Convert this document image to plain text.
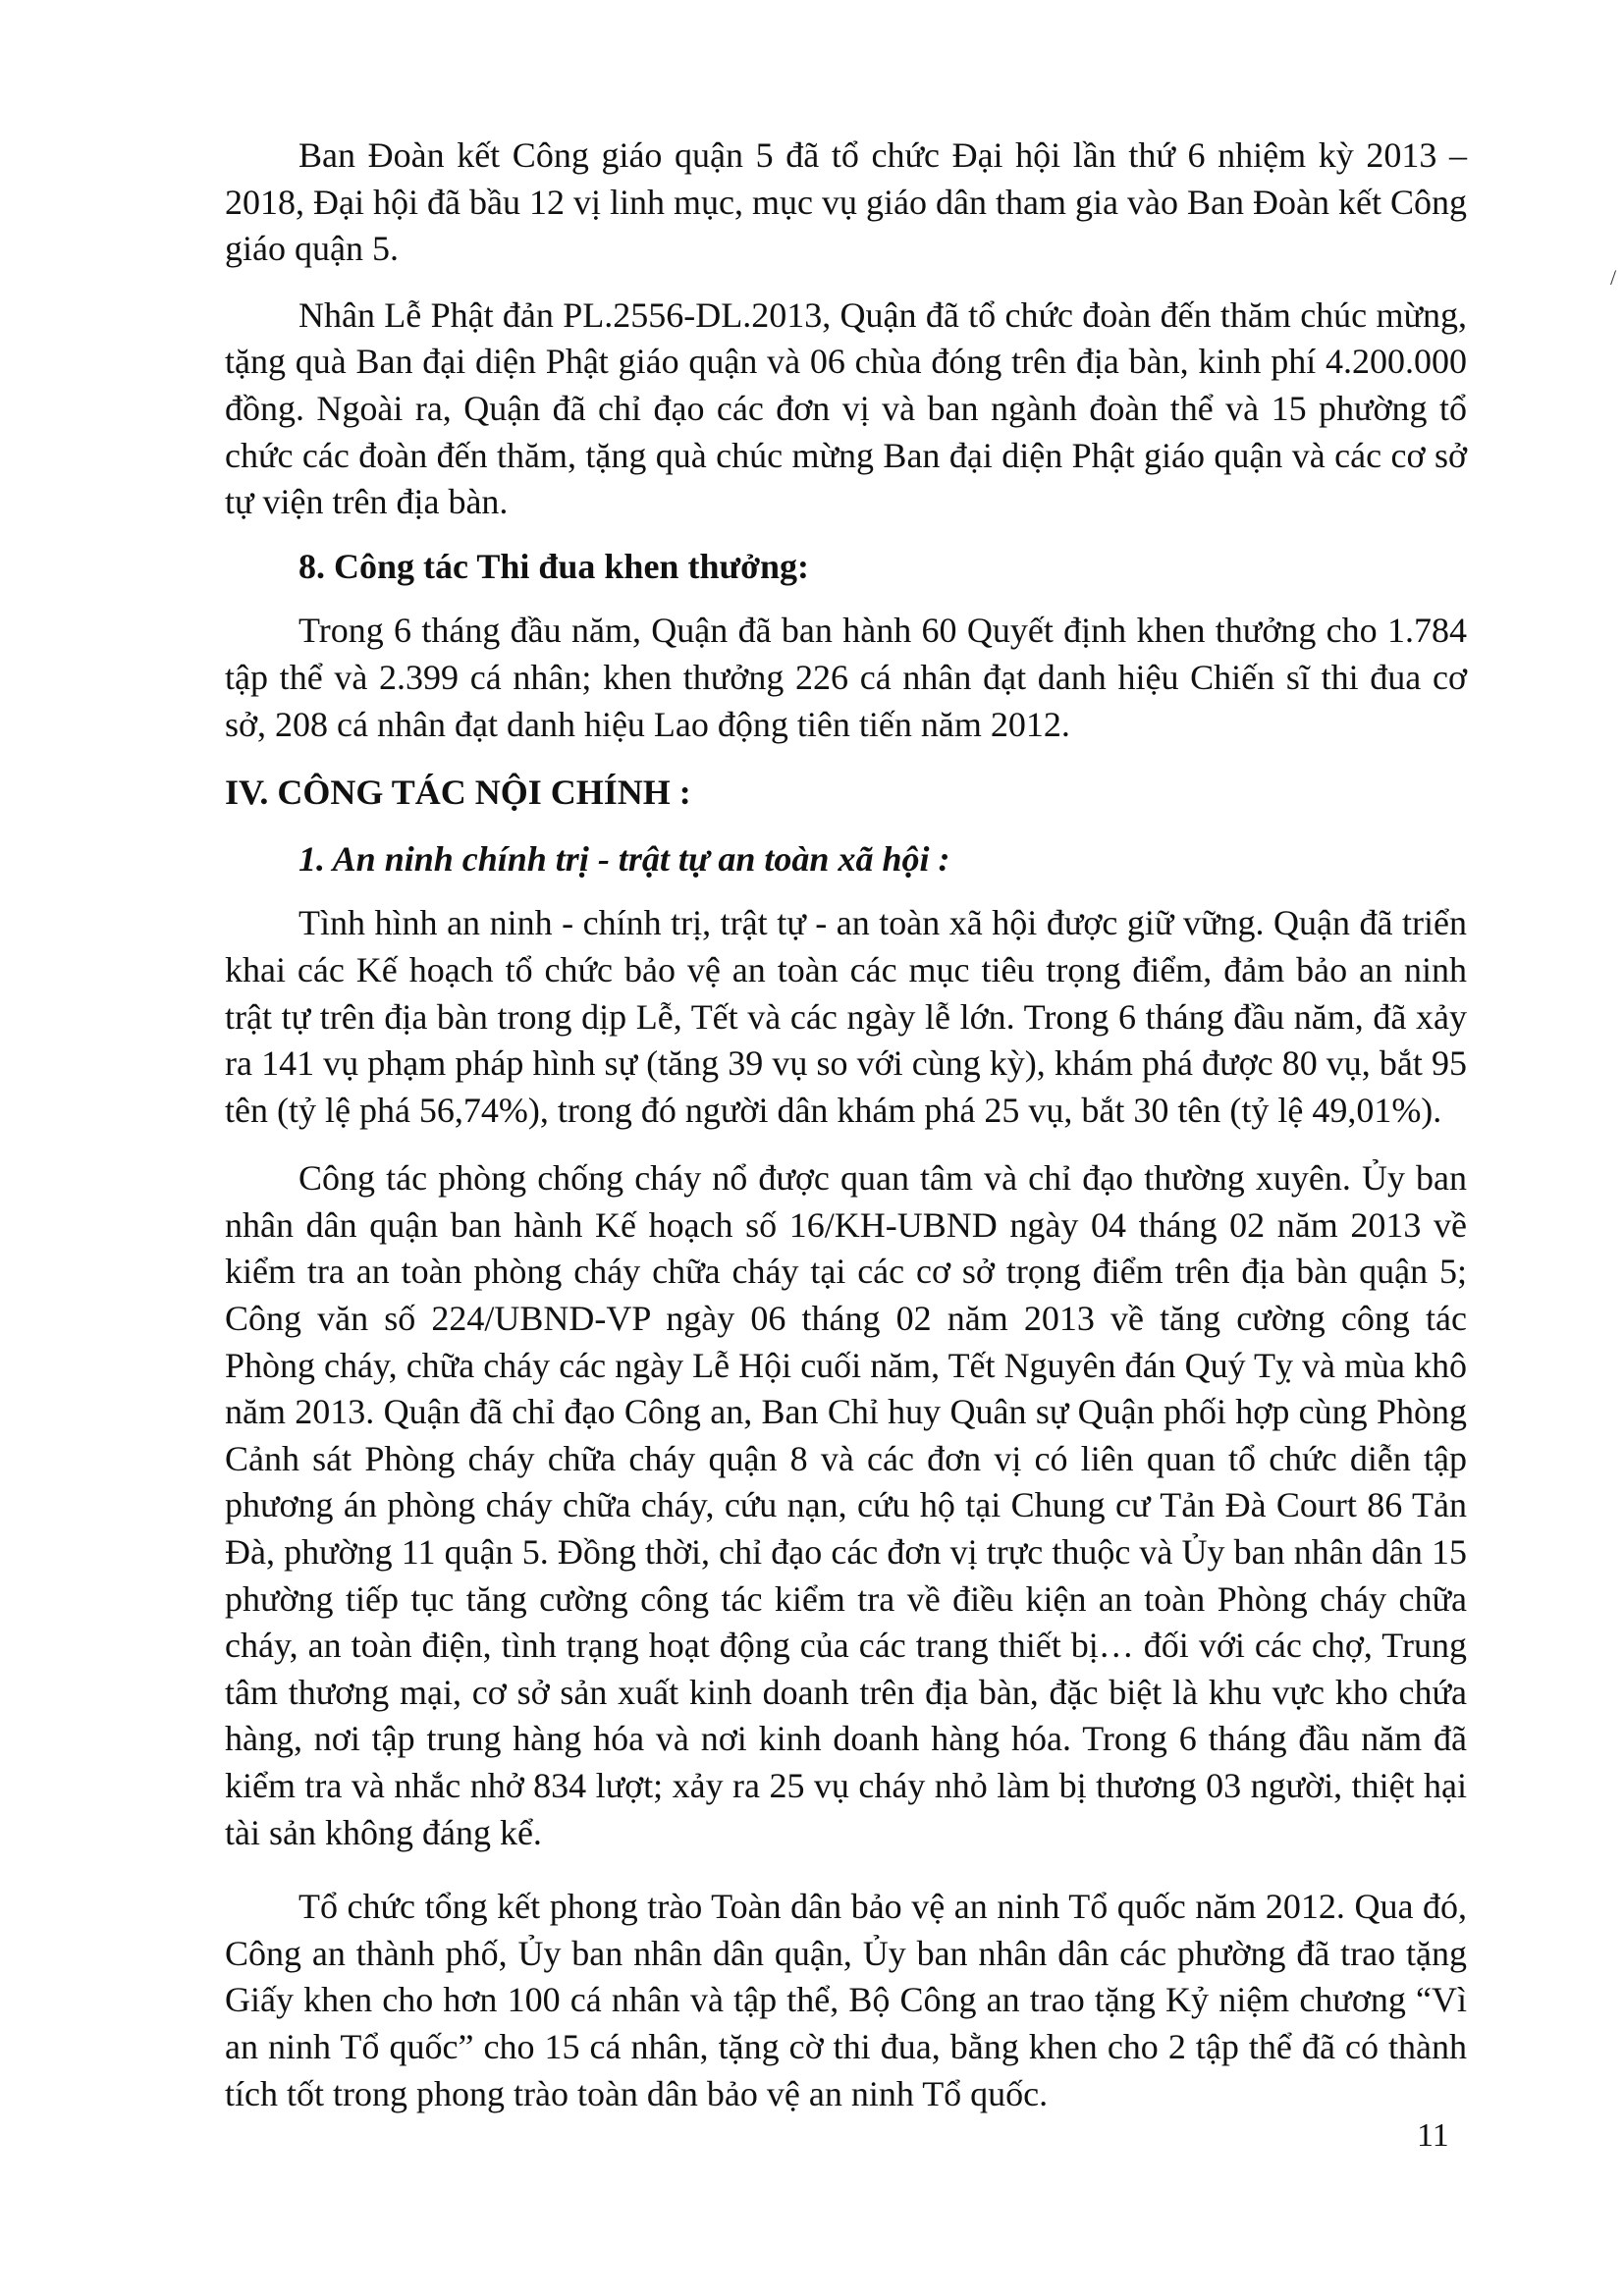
Ban Đoàn kết Công giáo quận 5 đã tổ chức Đại hội lần thứ 6 nhiệm kỳ 2013 – 2018, Đại hội đã bầu 12 vị linh mục, mục vụ giáo dân tham gia vào Ban Đoàn kết Công giáo quận 5.

Nhân Lễ Phật đản PL.2556-DL.2013, Quận đã tổ chức đoàn đến thăm chúc mừng, tặng quà Ban đại diện Phật giáo quận và 06 chùa đóng trên địa bàn, kinh phí 4.200.000 đồng. Ngoài ra, Quận đã chỉ đạo các đơn vị và ban ngành đoàn thể và 15 phường tổ chức các đoàn đến thăm, tặng quà chúc mừng Ban đại diện Phật giáo quận và các cơ sở tự viện trên địa bàn.

8. Công tác Thi đua khen thưởng:

Trong 6 tháng đầu năm, Quận đã ban hành 60 Quyết định khen thưởng cho 1.784 tập thể và 2.399 cá nhân; khen thưởng 226 cá nhân đạt danh hiệu Chiến sĩ thi đua cơ sở, 208 cá nhân đạt danh hiệu Lao động tiên tiến năm 2012.

IV. CÔNG TÁC NỘI CHÍNH :

1. An ninh chính trị - trật tự an toàn xã hội :

Tình hình an ninh - chính trị, trật tự - an toàn xã hội được giữ vững. Quận đã triển khai các Kế hoạch tổ chức bảo vệ an toàn các mục tiêu trọng điểm, đảm bảo an ninh trật tự trên địa bàn trong dịp Lễ, Tết và các ngày lễ lớn. Trong 6 tháng đầu năm, đã xảy ra 141 vụ phạm pháp hình sự (tăng 39 vụ so với cùng kỳ), khám phá được 80 vụ, bắt 95 tên (tỷ lệ phá 56,74%), trong đó người dân khám phá 25 vụ, bắt 30 tên (tỷ lệ 49,01%).

Công tác phòng chống cháy nổ được quan tâm và chỉ đạo thường xuyên. Ủy ban nhân dân quận ban hành Kế hoạch số 16/KH-UBND ngày 04 tháng 02 năm 2013 về kiểm tra an toàn phòng cháy chữa cháy tại các cơ sở trọng điểm trên địa bàn quận 5; Công văn số 224/UBND-VP ngày 06 tháng 02 năm 2013 về tăng cường công tác Phòng cháy, chữa cháy các ngày Lễ Hội cuối năm, Tết Nguyên đán Quý Tỵ và mùa khô năm 2013. Quận đã chỉ đạo Công an, Ban Chỉ huy Quân sự Quận phối hợp cùng Phòng Cảnh sát Phòng cháy chữa cháy quận 8 và các đơn vị có liên quan tổ chức diễn tập phương án phòng cháy chữa cháy, cứu nạn, cứu hộ tại Chung cư Tản Đà Court 86 Tản Đà, phường 11 quận 5. Đồng thời, chỉ đạo các đơn vị trực thuộc và Ủy ban nhân dân 15 phường tiếp tục tăng cường công tác kiểm tra về điều kiện an toàn Phòng cháy chữa cháy, an toàn điện, tình trạng hoạt động của các trang thiết bị… đối với các chợ, Trung tâm thương mại, cơ sở sản xuất kinh doanh trên địa bàn, đặc biệt là khu vực kho chứa hàng, nơi tập trung hàng hóa và nơi kinh doanh hàng hóa. Trong 6 tháng đầu năm đã kiểm tra và nhắc nhở 834 lượt; xảy ra 25 vụ cháy nhỏ làm bị thương 03 người, thiệt hại tài sản không đáng kể.

Tổ chức tổng kết phong trào Toàn dân bảo vệ an ninh Tổ quốc năm 2012. Qua đó, Công an thành phố, Ủy ban nhân dân quận, Ủy ban nhân dân các phường đã trao tặng Giấy khen cho hơn 100 cá nhân và tập thể, Bộ Công an trao tặng Kỷ niệm chương “Vì an ninh Tổ quốc” cho 15 cá nhân, tặng cờ thi đua, bằng khen cho 2 tập thể đã có thành tích tốt trong phong trào toàn dân bảo vệ an ninh Tổ quốc.

/
11
